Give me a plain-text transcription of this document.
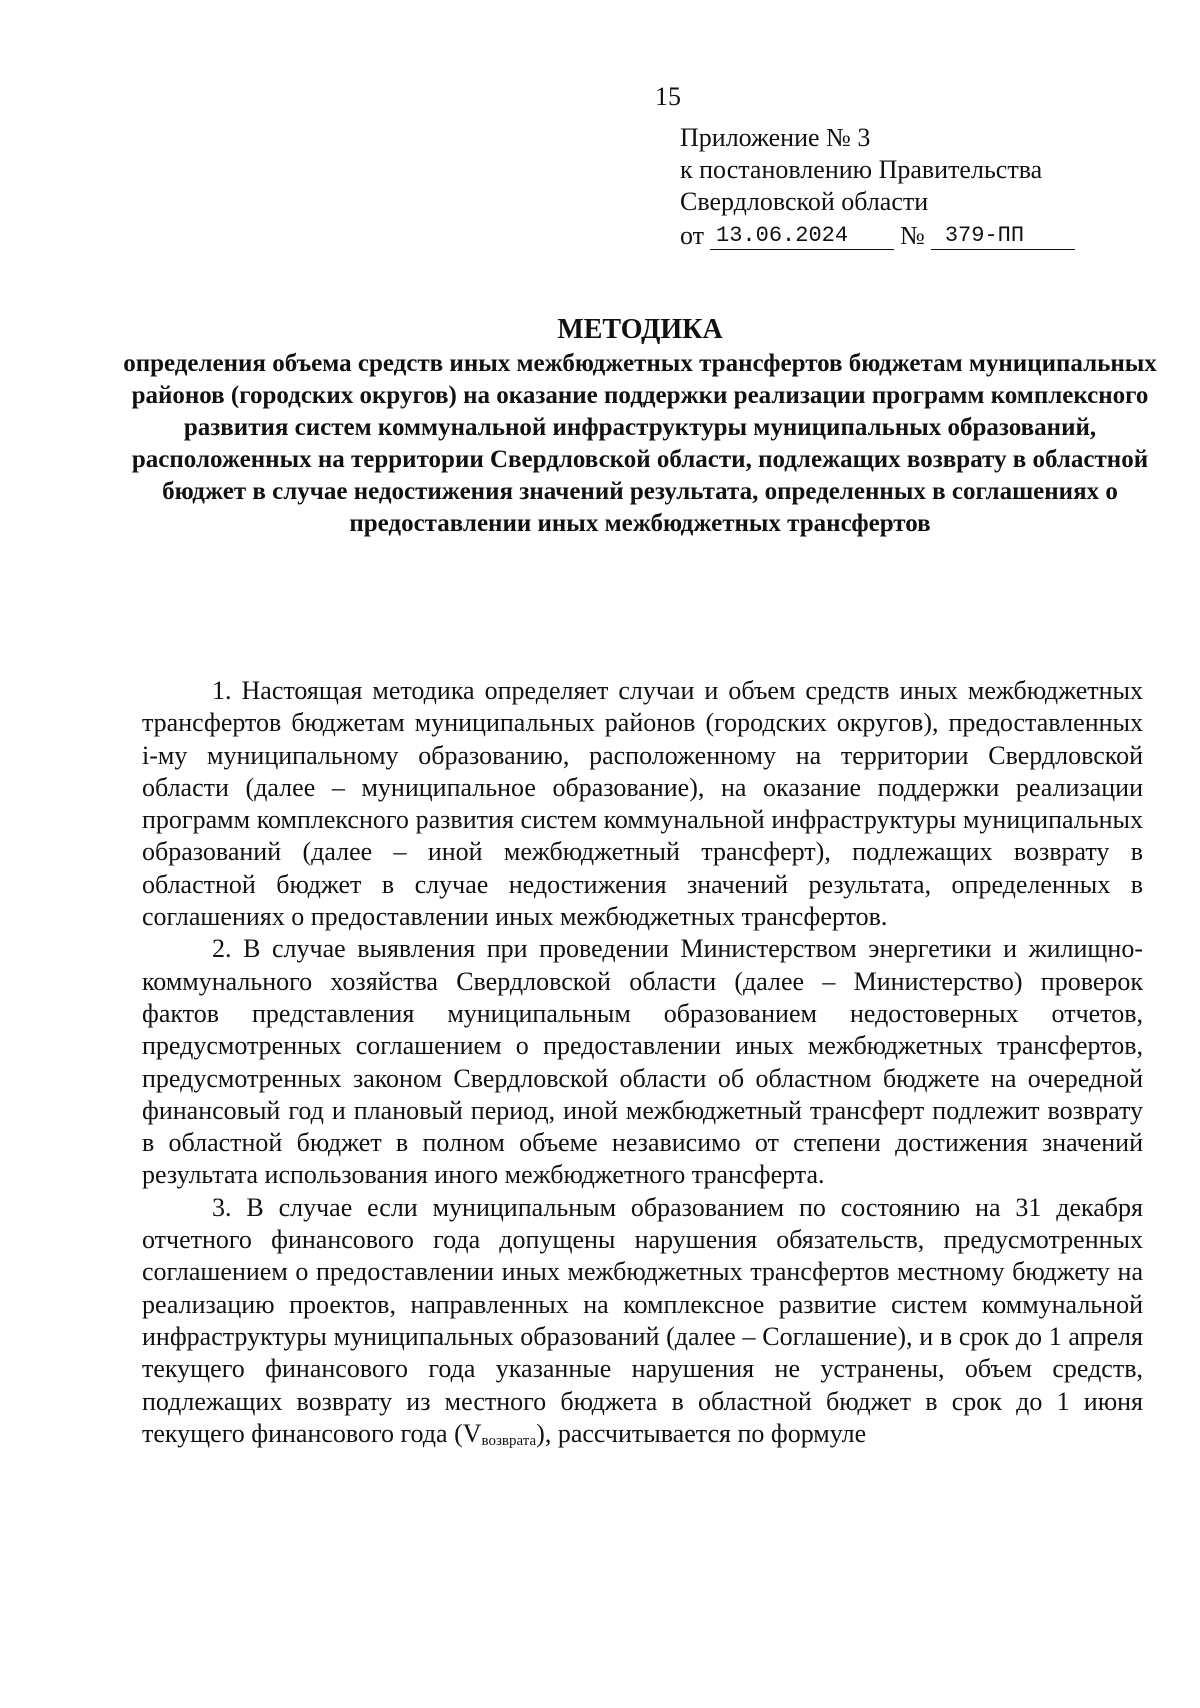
15
Приложение № 3
к постановлению Правительства
Свердловской области
от 13.06.2024	№ 379-ПП
МЕТОДИКА
определения объема средств иных межбюджетных трансфертов бюджетам муниципальных районов (городских округов) на оказание поддержки реализации программ комплексного развития систем коммунальной инфраструктуры муниципальных образований, расположенных на территории Свердловской области, подлежащих возврату в областной бюджет в случае недостижения значений результата, определенных в соглашениях о предоставлении иных межбюджетных трансфертов

1. Настоящая методика определяет случаи и объем средств иных межбюджетных трансфертов бюджетам муниципальных районов (городских округов), предоставленных i-му муниципальному образованию, расположенному на территории Свердловской области (далее – муниципальное образование), на оказание поддержки реализации программ комплексного развития систем коммунальной инфраструктуры муниципальных образований (далее – иной межбюджетный трансферт), подлежащих возврату в областной бюджет в случае недостижения значений результата, определенных в соглашениях о предоставлении иных межбюджетных трансфертов.

2. В случае выявления при проведении Министерством энергетики и жилищно-коммунального хозяйства Свердловской области (далее – Министерство) проверок фактов представления муниципальным образованием недостоверных отчетов, предусмотренных соглашением о предоставлении иных межбюджетных трансфертов, предусмотренных законом Свердловской области об областном бюджете на очередной финансовый год и плановый период, иной межбюджетный трансферт подлежит возврату в областной бюджет в полном объеме независимо от степени достижения значений результата использования иного межбюджетного трансферта.

3. В случае если муниципальным образованием по состоянию на 31 декабря отчетного финансового года допущены нарушения обязательств, предусмотренных соглашением о предоставлении иных межбюджетных трансфертов местному бюджету на реализацию проектов, направленных на комплексное развитие систем коммунальной инфраструктуры муниципальных образований (далее – Соглашение), и в срок до 1 апреля текущего финансового года указанные нарушения не устранены, объем средств, подлежащих возврату из местного бюджета в областной бюджет в срок до 1 июня текущего финансового года $(V_{возврата})$, рассчитывается по формуле
